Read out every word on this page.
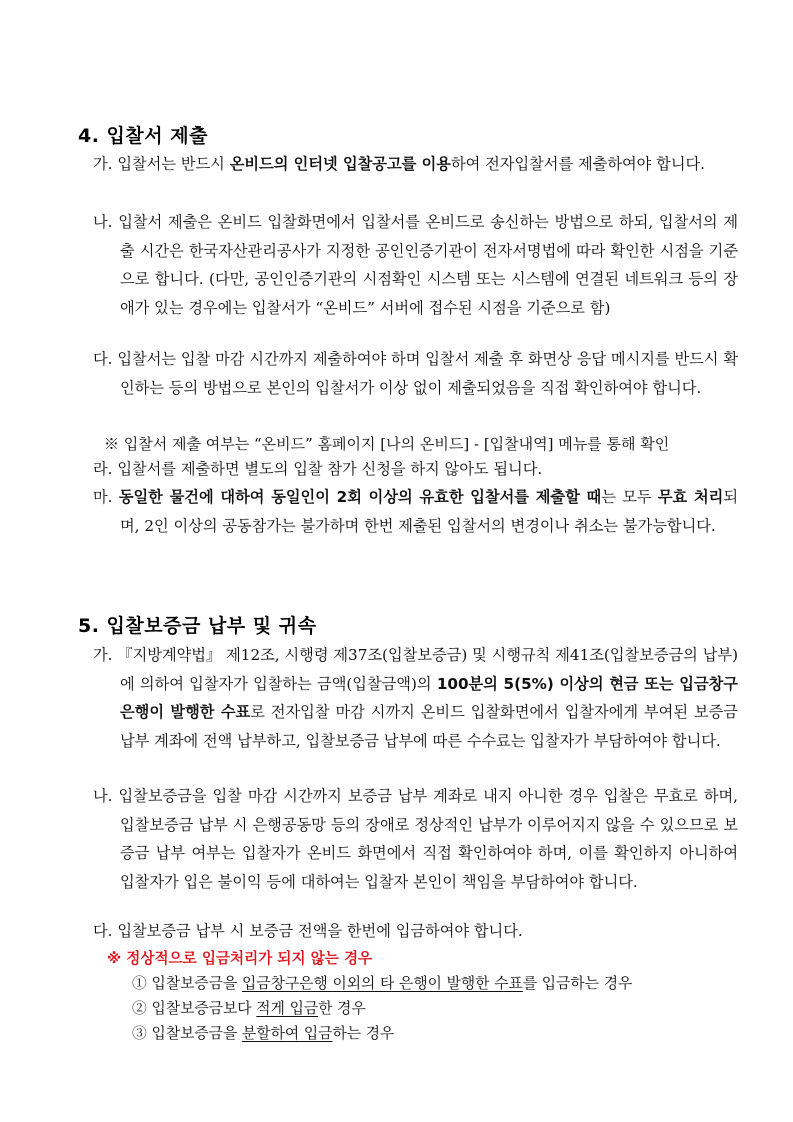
4. 입찰서 제출
가. 입찰서는 반드시 온비드의 인터넷 입찰공고를 이용하여 전자입찰서를 제출하여야 합니다.
나. 입찰서 제출은 온비드 입찰화면에서 입찰서를 온비드로 송신하는 방법으로 하되, 입찰서의 제출 시간은 한국자산관리공사가 지정한 공인인증기관이 전자서명법에 따라 확인한 시점을 기준으로 합니다. (다만, 공인인증기관의 시점확인 시스템 또는 시스템에 연결된 네트워크 등의 장애가 있는 경우에는 입찰서가 “온비드” 서버에 접수된 시점을 기준으로 함)
다. 입찰서는 입찰 마감 시간까지 제출하여야 하며 입찰서 제출 후 화면상 응답 메시지를 반드시 확인하는 등의 방법으로 본인의 입찰서가 이상 없이 제출되었음을 직접 확인하여야 합니다.
※ 입찰서 제출 여부는 “온비드” 홈페이지 [나의 온비드] - [입찰내역] 메뉴를 통해 확인
라. 입찰서를 제출하면 별도의 입찰 참가 신청을 하지 않아도 됩니다.
마. 동일한 물건에 대하여 동일인이 2회 이상의 유효한 입찰서를 제출할 때는 모두 무효 처리되며, 2인 이상의 공동참가는 불가하며 한번 제출된 입찰서의 변경이나 취소는 불가능합니다.
5. 입찰보증금 납부 및 귀속
가. 『지방계약법』 제12조, 시행령 제37조(입찰보증금) 및 시행규칙 제41조(입찰보증금의 납부)에 의하여 입찰자가 입찰하는 금액(입찰금액)의 100분의 5(5%) 이상의 현금 또는 입금창구은행이 발행한 수표로 전자입찰 마감 시까지 온비드 입찰화면에서 입찰자에게 부여된 보증금 납부 계좌에 전액 납부하고, 입찰보증금 납부에 따른 수수료는 입찰자가 부담하여야 합니다.
나. 입찰보증금을 입찰 마감 시간까지 보증금 납부 계좌로 내지 아니한 경우 입찰은 무효로 하며, 입찰보증금 납부 시 은행공동망 등의 장애로 정상적인 납부가 이루어지지 않을 수 있으므로 보증금 납부 여부는 입찰자가 온비드 화면에서 직접 확인하여야 하며, 이를 확인하지 아니하여 입찰자가 입은 불이익 등에 대하여는 입찰자 본인이 책임을 부담하여야 합니다.
다. 입찰보증금 납부 시 보증금 전액을 한번에 입금하여야 합니다.
※ 정상적으로 입금처리가 되지 않는 경우
① 입찰보증금을 입금창구은행 이외의 타 은행이 발행한 수표를 입금하는 경우
② 입찰보증금보다 적게 입금한 경우
③ 입찰보증금을 분할하여 입금하는 경우
